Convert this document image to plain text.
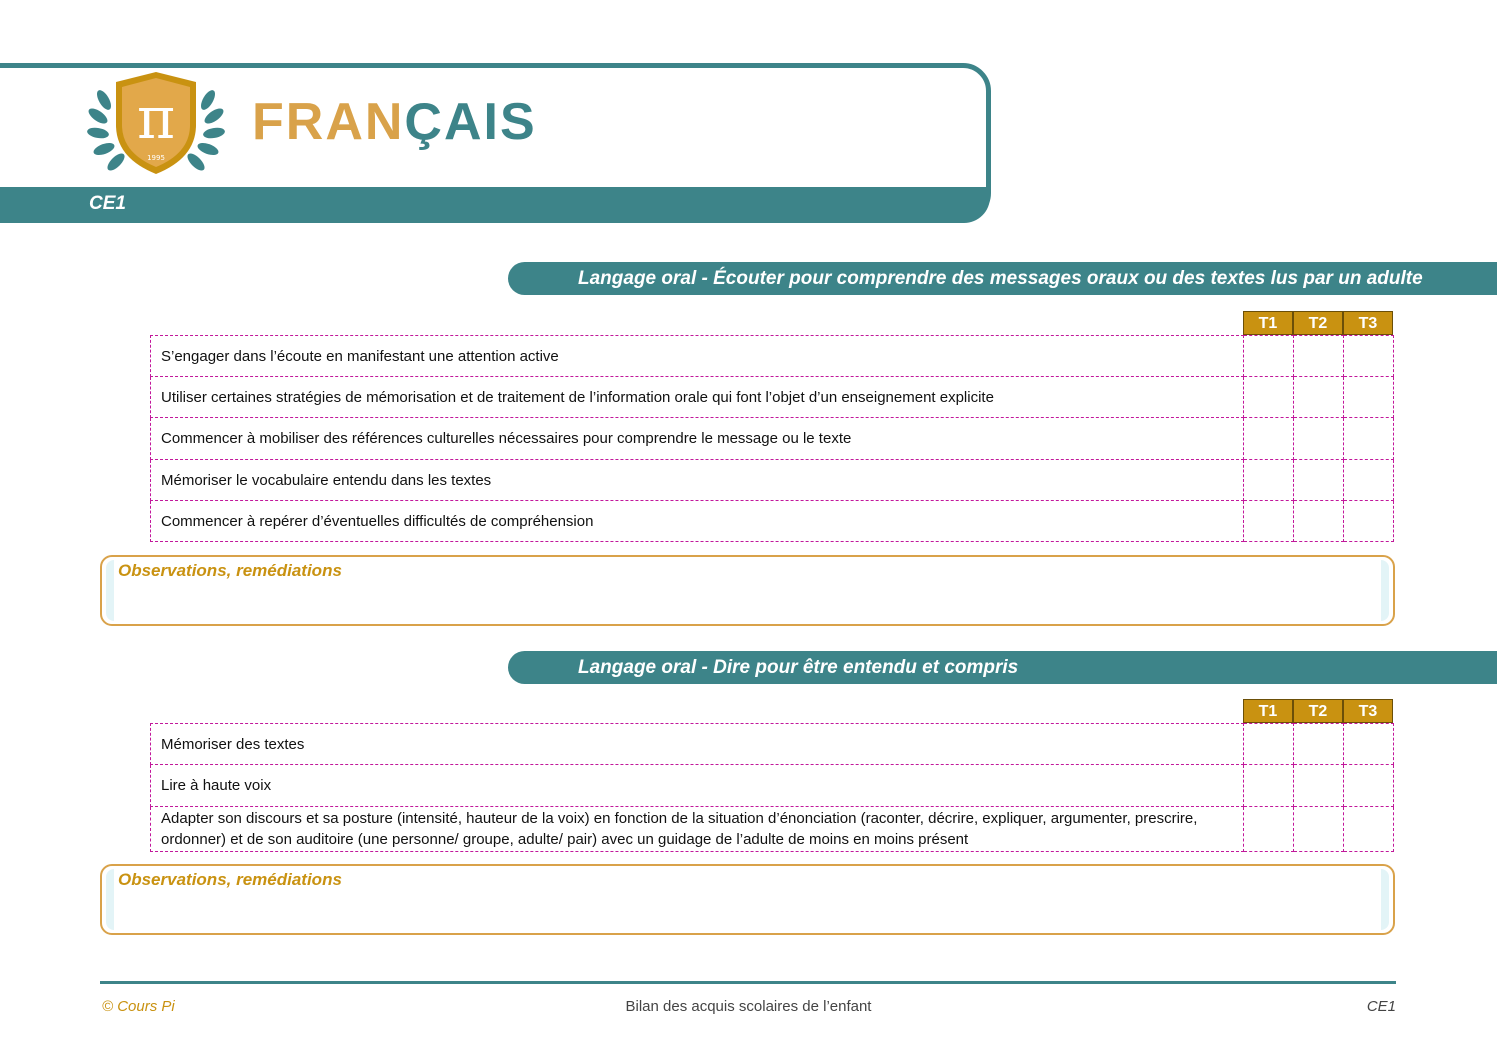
CE1
π
1995
FRANÇAIS
Langage oral - Écouter pour comprendre des messages oraux ou des textes lus par un adulte
T1	T2	T3
S’engager dans l’écoute en manifestant une attention active			
Utiliser certaines stratégies de mémorisation et de traitement de l’information orale qui font l’objet d’un enseignement explicite			
Commencer à mobiliser des références culturelles nécessaires pour comprendre le message ou le texte			
Mémoriser le vocabulaire entendu dans les textes			
Commencer à repérer d’éventuelles difficultés de compréhension			
Observations, remédiations
Langage oral - Dire pour être entendu et compris
T1	T2	T3
Mémoriser des textes			
Lire à haute voix			
Adapter son discours et sa posture (intensité, hauteur de la voix) en fonction de la situation d’énonciation (raconter, décrire, expliquer, argumenter, prescrire, ordonner) et de son auditoire (une personne/ groupe, adulte/ pair) avec un guidage de l’adulte de moins en moins présent			
Observations, remédiations
© Cours Pi	Bilan des acquis scolaires de l’enfant	CE1
